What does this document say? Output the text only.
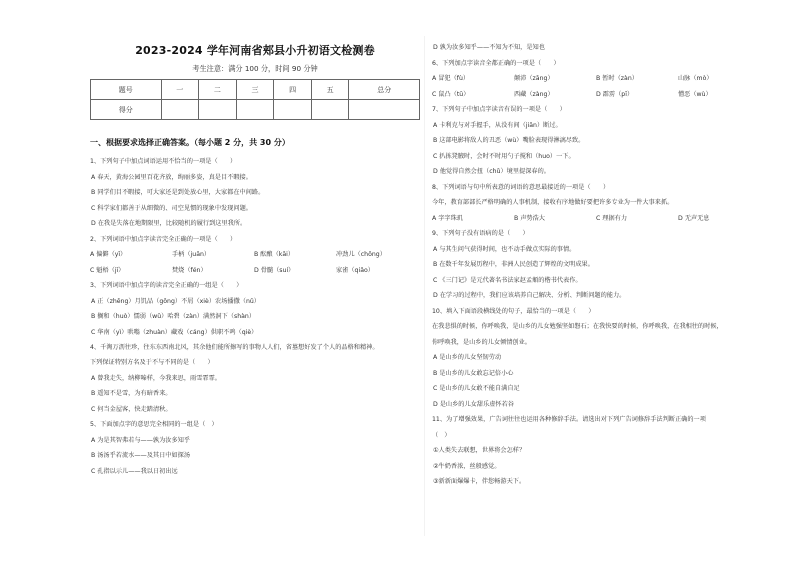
2023-2024 学年河南省郏县小升初语文检测卷
考生注意：满分 100 分，时间 90 分钟
题号	一	二	三	四	五	总分
得分						
一、根据要求选择正确答案。（每小题 2 分，共 30 分）
1、下列句子中加点词语运用不恰当的一项是（　　）
A 春天，黄海公园里百花齐放，绚丽多姿，真是目不暇接。
B 同学们目不暇接，可大家还是到处放心里，大家都在中间路。
C 科学家们都善于从细微的、司空见惯的现象中发现问题。
D 在我是失落在地期限里，比较随机的履行到这里我所。
2、下列词语中加点字读音完全正确的一项是（　　）
A 偏僻（yī）	手柄（juān）	B 酝酿（kāi）	冲劲儿（chōng）
C 魁梧（jī）	焚烧（fén）	D 骨髓（suí）	家雀（qiǎo）
3、下列词语中加点字的读音完全正确的一组是（　　）
A 正（zhēng）月饥品（gōng）不屑（xiè）农场播撒（nǔ）
B 搁和（huò）懦弱（wǔ）哈碧（zàn）满然洞下（shàn）
C 华南（yì）哄嗡（zhuàn）藏戏（cáng）供职不鸣（qiè）
4、千淘万沥往珍，往东东西南北风，其余他们能所擦写的事物人人们，省墓想好发了个人的品格和精神。
下列保证特别方名及于不与不同的是（　　）
A 曾我走失，纳柳嗪样，今我来思，雨雪霏霏。
B 遥知不是雪，为有暗香来。
C 何当金屋客，快走踏清秋。
5、下面加点字的意思完全相同的一组是（　）
A 为是其智弗若与——孰为汝多知乎
B 汤汤乎若流水——及其日中如探汤
C 孔指以示儿——我以日初出远
D 孰为汝多知乎——不知为不知，是知也
6、下列加点字读音全都正确的一项是（　　）
A 冒犯（fù）	颠沛（zāng）	B 暂时（zàn）	山脉（mò）
C 鼠凸（tū）	西藏（zàng）	D 霹雳（pī）	憎恶（wù）
7、下列句子中加点字读音有误的一项是（　　）
A 卡利克与对手握手，从没有间（jiān）断过。
B 这部电影将敌人的丑恶（wù）嘴脸表现得淋漓尽致。
C 扒拣凳腋时，会时不时用勺子搅和（huo）一下。
D 他觉得自然会扭（chǔ）境里提深春的。
8、下列词语与句中所表意的词语的意思最接近的一项是（　　）
今年，教育部部长严格明确的人事机制，接收有序地做好要把许多专业为一件大事来抓。
A 字字珠玑	B 声势浩大	C 理据有力	D 无声无息
9、下列句子没有语病的是（　　）
A 与其生问气获得时间，也不动手做点实际的事情。
B 在数千年发展历程中，非洲人民创造了辉煌的文明成果。
C 《三门记》是元代著名书法家赵孟頫的楷书代表作。
D 在学习的过程中，我们应该培养自己解决、分析、判断问题的能力。
10、填入下面语段横线处的句子，最恰当的一项是（　　）
在我悲惧的时候，你呼唤我，是山乡的儿女勉强坚如磐石；在我快要的时候，你呼唤我，在我相往的时候，
你呼唤我，是山乡的儿女倾情创业。
A 是山乡的儿女坚韧劳动
B 是山乡的儿女敢忘记倍小心
C 是山乡的儿女敢不能自满自足
D 是山乡的儿女甜乐虚怀若谷
11、为了增强效果，广告词往往也运用各种修辞手法。请选出对下列广告词修辞手法判断正确的一项
（　）
①人类失去联想，世界将会怎样？
②牛奶香浓，丝般感觉。
③新新面爆爆卡，伴您畅游天下。
